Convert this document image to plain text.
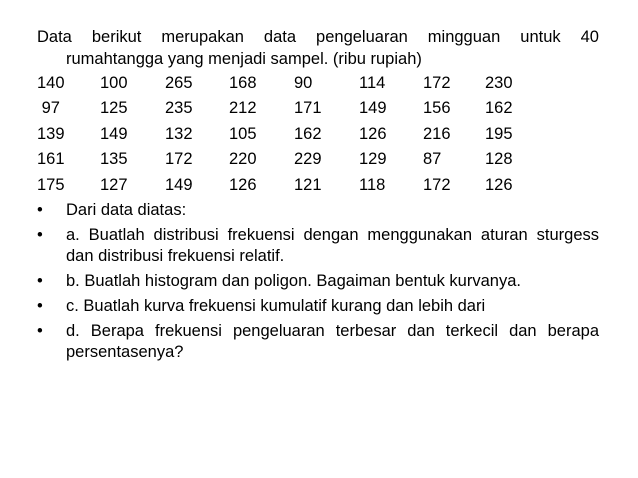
Data berikut merupakan data pengeluaran mingguan untuk 40
rumahtangga yang menjadi sampel. (ribu rupiah)
140 100 265 168 90	114 172 230
97 125 235 212 171 149 156 162
139 149 132 105 162 126 216 195
161 135 172 220 229 129 87	128
175 127 149 126 121 118 172 126
• Dari data diatas:
• a. Buatlah distribusi frekuensi dengan menggunakan aturan sturgess dan distribusi frekuensi relatif.
• b. Buatlah histogram dan poligon. Bagaiman bentuk kurvanya.
• c. Buatlah kurva frekuensi kumulatif kurang dan lebih dari
• d. Berapa frekuensi pengeluaran terbesar dan terkecil dan berapa persentasenya?
